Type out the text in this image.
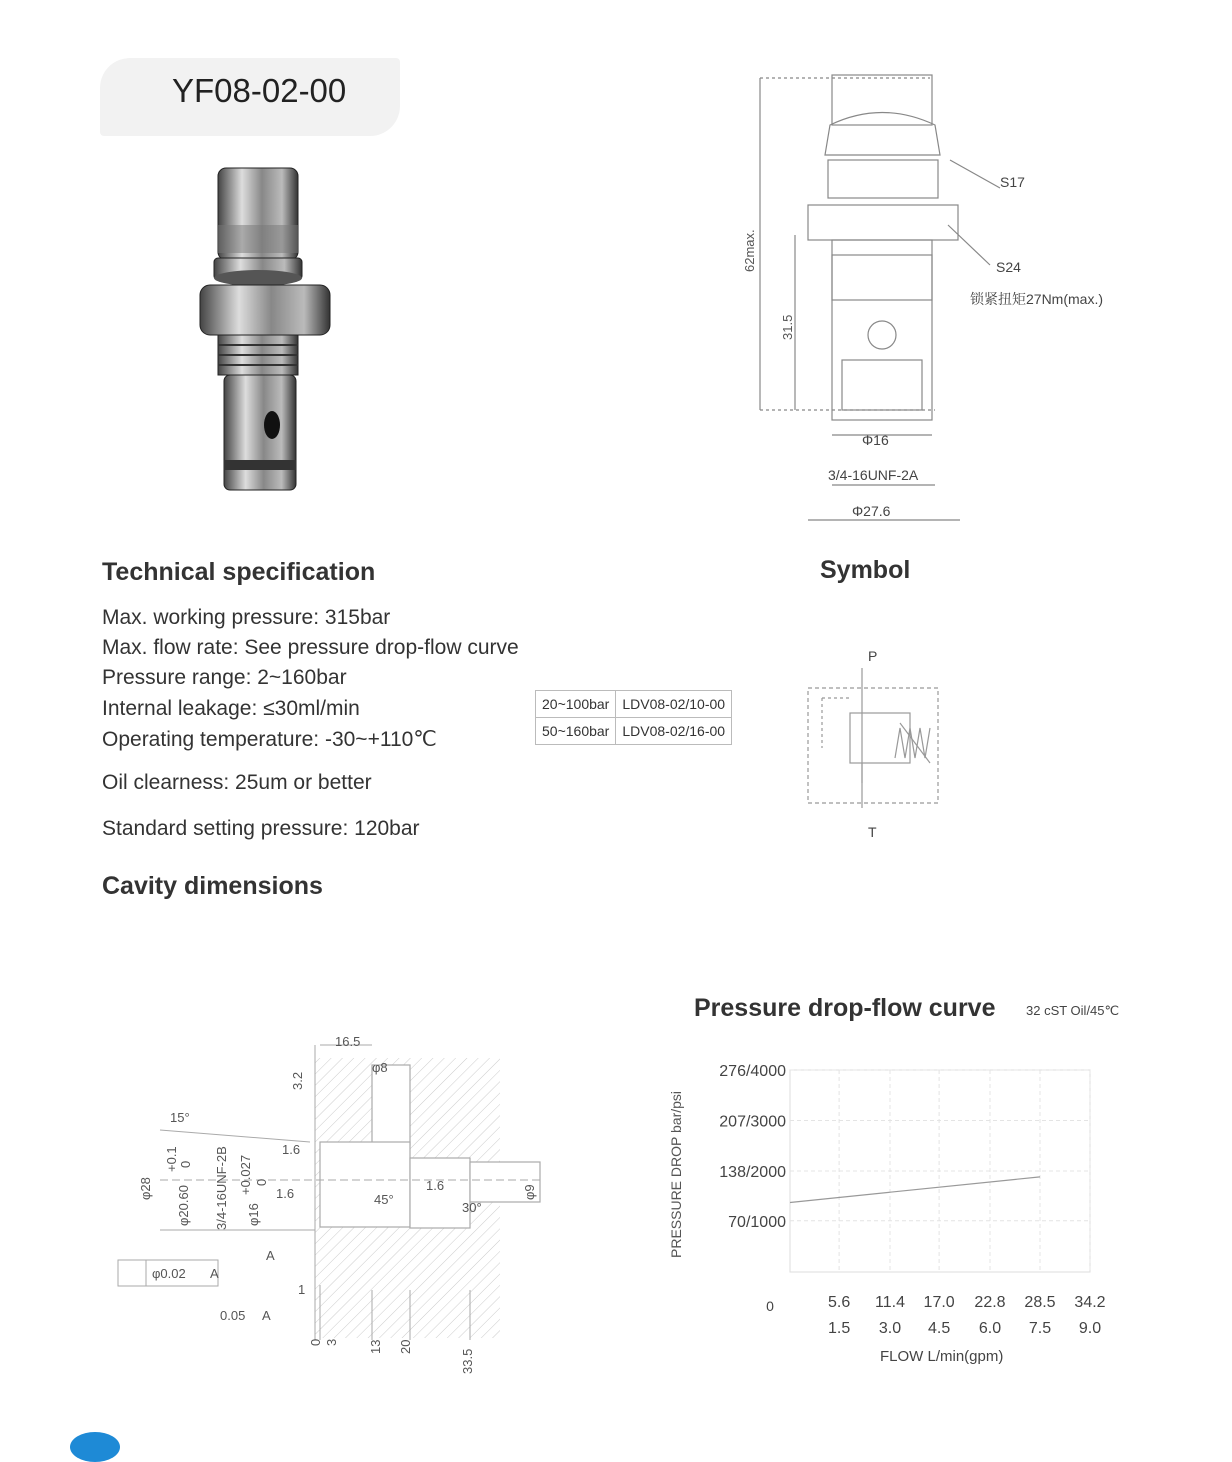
YF08-02-00
S17
S24
锁紧扭矩27Nm(max.)
62max.
31.5
Φ16
3/4-16UNF-2A
Φ27.6
Technical specification
Max. working pressure: 315bar
Max. flow rate: See pressure drop-flow curve
Pressure range: 2~160bar
Internal leakage: ≤30ml/min
Operating temperature: -30~+110℃
Oil clearness: 25um or better
Standard setting pressure: 120bar
20~100bar	LDV08-02/10-00
50~160bar	LDV08-02/16-00
Symbol
P
T
Cavity dimensions
16.5
φ8
3.2
15°
1.6
1.6
1.6
φ28 φ20.60
+0.1 0 3/4-16UNF-2B +0.027 0
φ16
45°
30°
φ9
A
φ0.02 A
0.05 A
1
0 3 13 20
33.5
Pressure drop-flow curve 32 cST Oil/45℃
PRESSURE DROP bar/psi	70/1000
138/2000
207/3000
276/4000
5.6
1.5
11.4
3.0
17.0
4.5
22.8
6.0
28.5
7.5
34.2
9.0
0
FLOW L/min(gpm)
